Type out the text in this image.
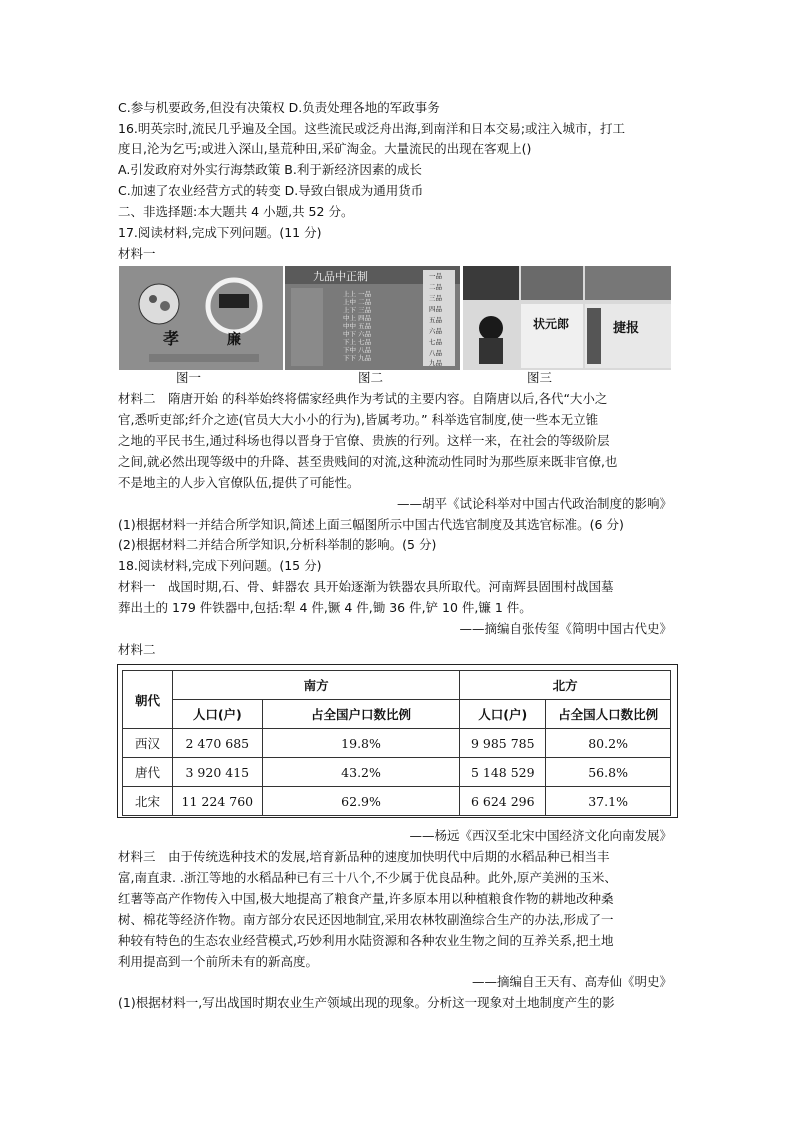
C.参与机要政务,但没有决策权 D.负责处理各地的军政事务
16.明英宗时,流民几乎遍及全国。这些流民或泛舟出海,到南洋和日本交易;或注入城市，打工
度日,沦为乞丐;或进入深山,垦荒种田,采矿淘金。大量流民的出现在客观上()
A.引发政府对外实行海禁政策 B.利于新经济因素的成长
C.加速了农业经营方式的转变 D.导致白银成为通用货币
二、非选择题:本大题共 4 小题,共 52 分。
17.阅读材料,完成下列问题。(11 分)
材料一
孝	廉
九品中正制
上上 一品
上中 二品
上下 三品
中上 四品
中中 五品
中下 六品
下上 七品
下中 八品
下下 九品
一品
二品
三品
四品
五品
六品
七品
八品
九品
状元郎	捷报
图一	图二	图三
材料二　隋唐开始 的科举始终将儒家经典作为考试的主要内容。自隋唐以后,各代“大小之
官,悉听吏部;纤介之迹(官员大大小小的行为),皆属考功。” 科举选官制度,使一些本无立锥
之地的平民书生,通过科场也得以晋身于官僚、贵族的行列。这样一来，在社会的等级阶层
之间,就必然出现等级中的升降、甚至贵贱间的对流,这种流动性同时为那些原来既非官僚,也
不是地主的人步入官僚队伍,提供了可能性。
——胡平《试论科举对中国古代政治制度的影响》
(1)根据材料一并结合所学知识,简述上面三幅图所示中国古代选官制度及其选官标准。(6 分)
(2)根据材料二并结合所学知识,分析科举制的影响。(5 分)
18.阅读材料,完成下列问题。(15 分)
材料一　战国时期,石、骨、蚌器农 具开始逐渐为铁器农具所取代。河南辉县固围村战国墓
葬出土的 179 件铁器中,包括:犁 4 件,镢 4 件,锄 36 件,铲 10 件,镰 1 件。
——摘编自张传玺《简明中国古代史》
材料二
朝代	南方		北方	
	人口(户)	占全国户口数比例	人口(户)	占全国人口数比例
西汉	2 470 685	19.8%	9 985 785	80.2%
唐代	3 920 415	43.2%	5 148 529	56.8%
北宋	11 224 760	62.9%	6 624 296	37.1%
——杨远《西汉至北宋中国经济文化向南发展》
材料三　由于传统选种技术的发展,培育新品种的速度加快明代中后期的水稻品种已相当丰
富,南直隶. .浙江等地的水稻品种已有三十八个,不少属于优良品种。此外,原产美洲的玉米、
红薯等高产作物传入中国,极大地提高了粮食产量,许多原本用以种植粮食作物的耕地改种桑
树、棉花等经济作物。南方部分农民还因地制宜,采用农林牧副渔综合生产的办法,形成了一
种较有特色的生态农业经营模式,巧妙利用水陆资源和各种农业生物之间的互养关系,把土地
利用提高到一个前所未有的新高度。
——摘编自王天有、高寿仙《明史》
(1)根据材料一,写出战国时期农业生产领域出现的现象。分析这一现象对土地制度产生的影
